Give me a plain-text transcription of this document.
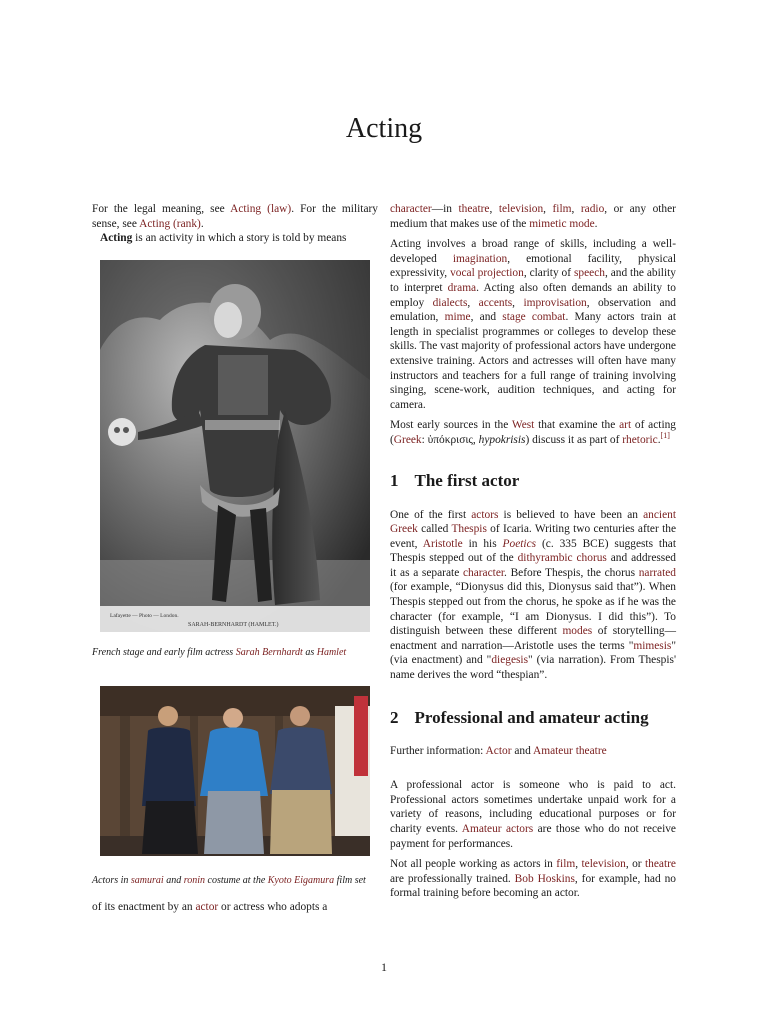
Acting

For the legal meaning, see Acting (law). For the military sense, see Acting (rank).

Acting is an activity in which a story is told by means

Lafayette — Photo — London.
SARAH-BERNHARDT (HAMLET.)

French stage and early film actress Sarah Bernhardt as Hamlet

Actors in samurai and ronin costume at the Kyoto Eigamura film set

of its enactment by an actor or actress who adopts a

character—in theatre, television, film, radio, or any other medium that makes use of the mimetic mode.

Acting involves a broad range of skills, including a well-developed imagination, emotional facility, physical expressivity, vocal projection, clarity of speech, and the ability to interpret drama. Acting also often demands an ability to employ dialects, accents, improvisation, observation and emulation, mime, and stage combat. Many actors train at length in specialist programmes or colleges to develop these skills. The vast majority of professional actors have undergone extensive training. Actors and actresses will often have many instructors and teachers for a full range of training involving singing, scene-work, audition techniques, and acting for camera.

Most early sources in the West that examine the art of acting (Greek: ὑπόκρισις, hypokrisis) discuss it as part of rhetoric.[1]

1 The first actor

One of the first actors is believed to have been an ancient Greek called Thespis of Icaria. Writing two centuries after the event, Aristotle in his Poetics (c. 335 BCE) suggests that Thespis stepped out of the dithyrambic chorus and addressed it as a separate character. Before Thespis, the chorus narrated (for example, “Dionysus did this, Dionysus said that”). When Thespis stepped out from the chorus, he spoke as if he was the character (for example, “I am Dionysus. I did this”). To distinguish between these different modes of storytelling—enactment and narration—Aristotle uses the terms "mimesis" (via enactment) and "diegesis" (via narration). From Thespis' name derives the word “thespian”.

2 Professional and amateur acting

Further information: Actor and Amateur theatre

A professional actor is someone who is paid to act. Professional actors sometimes undertake unpaid work for a variety of reasons, including educational purposes or for charity events. Amateur actors are those who do not receive payment for performances.

Not all people working as actors in film, television, or theatre are professionally trained. Bob Hoskins, for example, had no formal training before becoming an actor.

1
